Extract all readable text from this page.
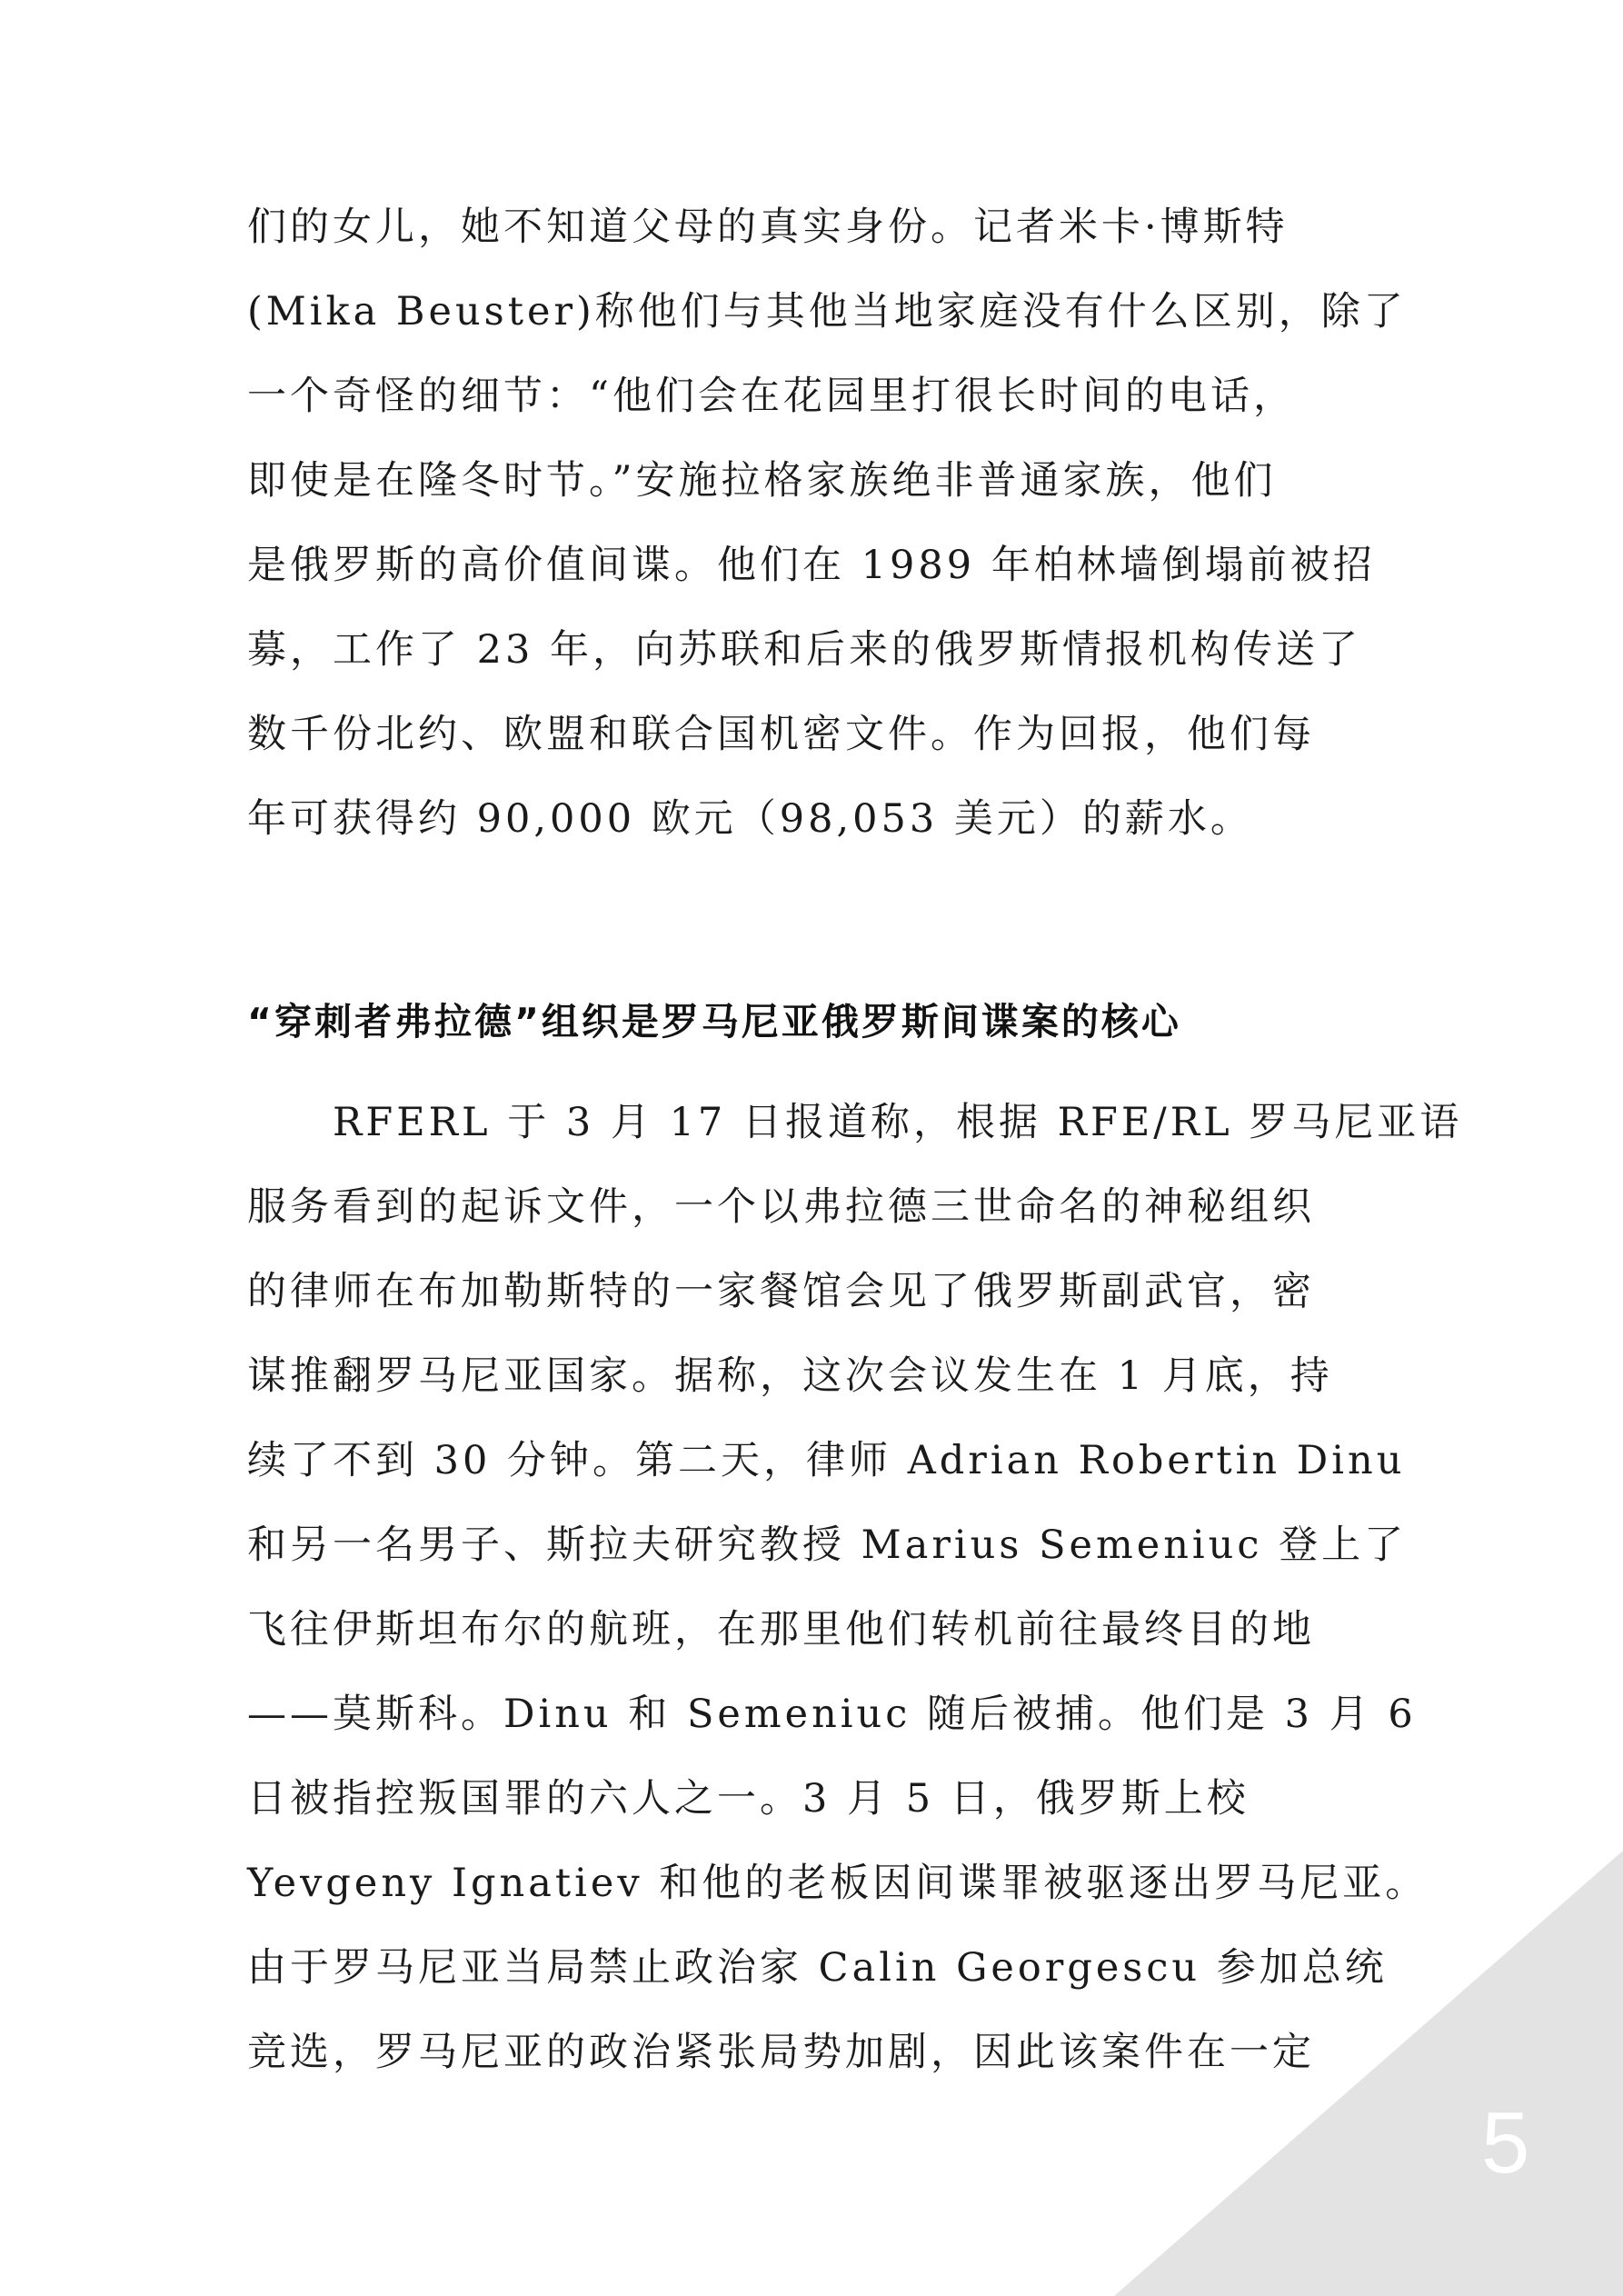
们的女儿，她不知道父母的真实身份。记者米卡·博斯特
(Mika Beuster)称他们与其他当地家庭没有什么区别，除了
一个奇怪的细节：“他们会在花园里打很长时间的电话，
即使是在隆冬时节。”安施拉格家族绝非普通家族，他们
是俄罗斯的高价值间谍。他们在 1989 年柏林墙倒塌前被招
募，工作了 23 年，向苏联和后来的俄罗斯情报机构传送了
数千份北约、欧盟和联合国机密文件。作为回报，他们每
年可获得约 90,000 欧元（98,053 美元）的薪水。
“穿刺者弗拉德”组织是罗马尼亚俄罗斯间谍案的核心
　　RFERL 于 3 月 17 日报道称，根据 RFE/RL 罗马尼亚语
服务看到的起诉文件，一个以弗拉德三世命名的神秘组织
的律师在布加勒斯特的一家餐馆会见了俄罗斯副武官，密
谋推翻罗马尼亚国家。据称，这次会议发生在 1 月底，持
续了不到 30 分钟。第二天，律师 Adrian Robertin Dinu
和另一名男子、斯拉夫研究教授 Marius Semeniuc 登上了
飞往伊斯坦布尔的航班，在那里他们转机前往最终目的地
——莫斯科。Dinu 和 Semeniuc 随后被捕。他们是 3 月 6
日被指控叛国罪的六人之一。3 月 5 日，俄罗斯上校
Yevgeny Ignatiev 和他的老板因间谍罪被驱逐出罗马尼亚。
由于罗马尼亚当局禁止政治家 Calin Georgescu 参加总统
竞选，罗马尼亚的政治紧张局势加剧，因此该案件在一定
5
